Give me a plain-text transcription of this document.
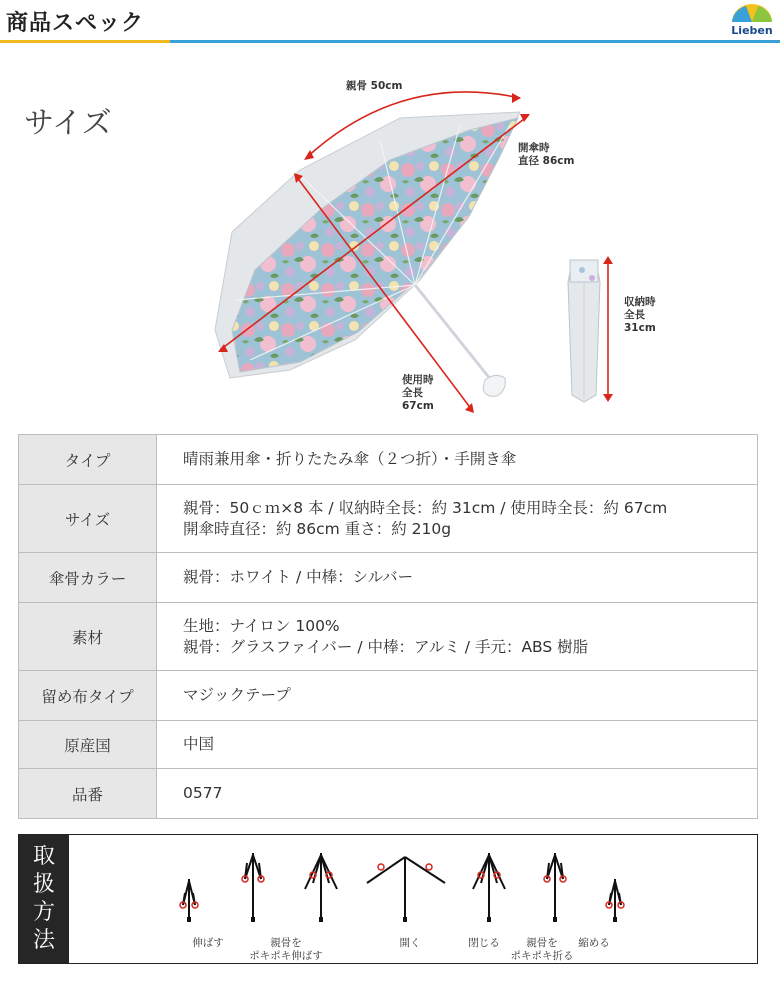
商品スペック	Lieben
サイズ
親骨 50cm
開傘時
直径 86cm
使用時
全長
67cm
収納時
全長
31cm
タイプ	晴雨兼用傘・折りたたみ傘（２つ折）・手開き傘

サイズ	親骨：50ｃｍ×8 本 / 収納時全長：約 31cm / 使用時全長：約 67cm
開傘時直径：約 86cm 重さ：約 210g

傘骨カラー	親骨：ホワイト / 中棒：シルバー

素材	生地：ナイロン 100%
親骨：グラスファイバー / 中棒：アルミ / 手元：ABS 樹脂

留め布タイプ	マジックテープ

原産国	中国

品番	0577
取
扱
方
法	伸ばす	親骨を
ポキポキ伸ばす
開く	閉じる	親骨を
ポキポキ折る
縮める
